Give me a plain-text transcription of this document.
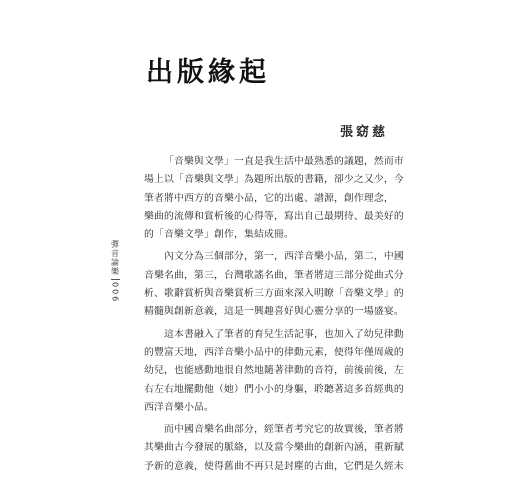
出版緣起
張窈慈
彈音論樂
006

「音樂與文學」一直是我生活中最熟悉的議題，然而市
場上以「音樂與文學」為題所出版的書籍，卻少之又少，今
筆者將中西方的音樂小品，它的出處、譜源，創作理念，
樂曲的流傳和賞析後的心得等，寫出自己最期待、最美好的
的「音樂文學」創作，集結成冊。

內文分為三個部分，第一，西洋音樂小品，第二，中國
音樂名曲，第三，台灣歌謠名曲，筆者將這三部分從曲式分
析、歌辭賞析與音樂賞析三方面來深入明瞭「音樂文學」的
精髓與創新意義，這是一興趣喜好與心靈分享的一場盛宴。

這本書融入了筆者的育兒生活記事，也加入了幼兒律動
的豐富天地，西洋音樂小品中的律動元素，使得年僅周歲的
幼兒，也能感動地很自然地隨著律動的音符，前後前後，左
右左右地擺動他（她）們小小的身軀，聆聽著這多首經典的
西洋音樂小品。

而中國音樂名曲部分，經筆者考究它的故實後，筆者將
其樂曲古今發展的脈絡，以及當今樂曲的創新內涵，重新賦
予新的意義，使得舊曲不再只是封塵的古曲，它們是久經未
